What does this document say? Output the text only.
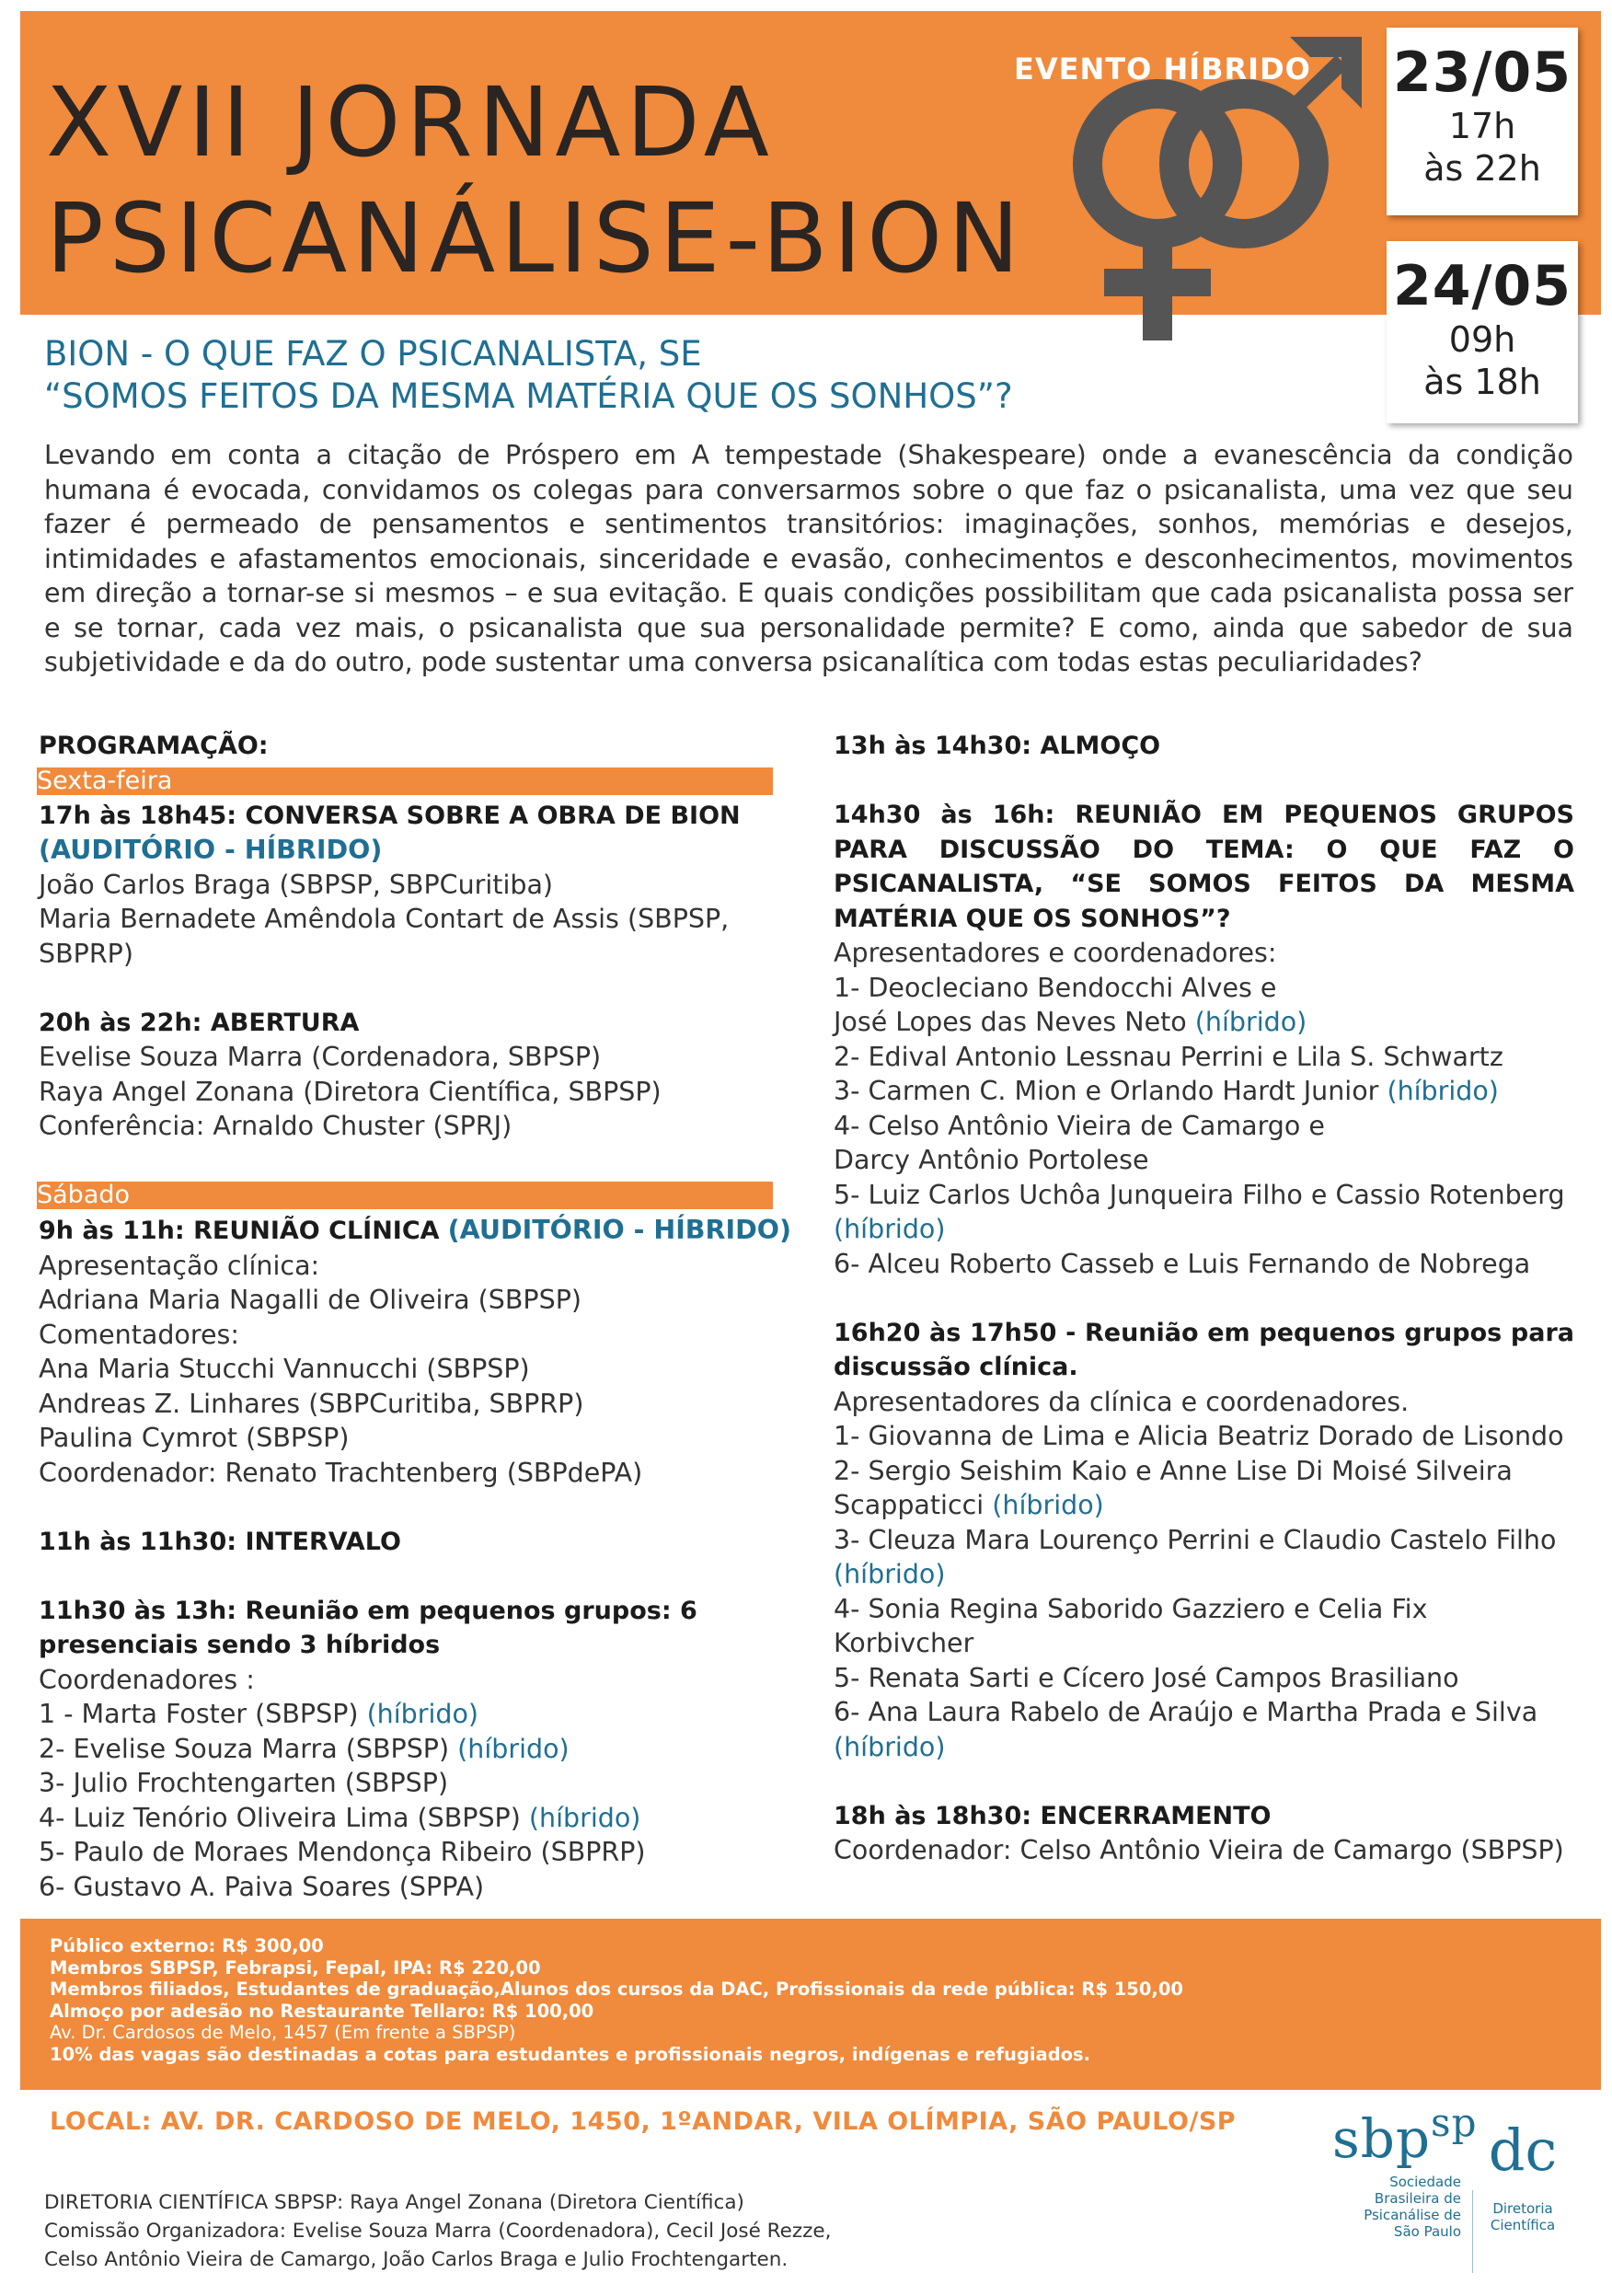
XVII JORNADA
PSICANÁLISE-BION
EVENTO HÍBRIDO 23/05
17h
às 22h
24/05
09h
às 18h
BION - O QUE FAZ O PSICANALISTA, SE
“SOMOS FEITOS DA MESMA MATÉRIA QUE OS SONHOS”?

Levando em conta a citação de Próspero em A tempestade (Shakespeare) onde a evanescência da condição humana é evocada, convidamos os colegas para conversarmos sobre o que faz o psicanalista, uma vez que seu fazer é permeado de pensamentos e sentimentos transitórios: imaginações, sonhos, memórias e desejos, intimidades e afastamentos emocionais, sinceridade e evasão, conhecimentos e desconhecimentos, movimentos em direção a tornar-se si mesmos – e sua evitação. E quais condições possibilitam que cada psicanalista possa ser e se tornar, cada vez mais, o psicanalista que sua personalidade permite? E como, ainda que sabedor de sua subjetividade e da do outro, pode sustentar uma conversa psicanalítica com todas estas peculiaridades?

PROGRAMAÇÃO:
Sexta-feira
17h às 18h45: CONVERSA SOBRE A OBRA DE BION
(AUDITÓRIO - HÍBRIDO)
João Carlos Braga (SBPSP, SBPCuritiba)
Maria Bernadete Amêndola Contart de Assis (SBPSP, SBPRP)
20h às 22h: ABERTURA
Evelise Souza Marra (Cordenadora, SBPSP)
Raya Angel Zonana (Diretora Científica, SBPSP)
Conferência: Arnaldo Chuster (SPRJ)
Sábado
9h às 11h: REUNIÃO CLÍNICA (AUDITÓRIO - HÍBRIDO)
Apresentação clínica:
Adriana Maria Nagalli de Oliveira (SBPSP)
Comentadores:
Ana Maria Stucchi Vannucchi (SBPSP)
Andreas Z. Linhares (SBPCuritiba, SBPRP)
Paulina Cymrot (SBPSP)
Coordenador: Renato Trachtenberg (SBPdePA)
11h às 11h30: INTERVALO
11h30 às 13h: Reunião em pequenos grupos: 6 presenciais sendo 3 híbridos
Coordenadores :
1 - Marta Foster (SBPSP) (híbrido)
2- Evelise Souza Marra (SBPSP) (híbrido)
3- Julio Frochtengarten (SBPSP)
4- Luiz Tenório Oliveira Lima (SBPSP) (híbrido)
5- Paulo de Moraes Mendonça Ribeiro (SBPRP)
6- Gustavo A. Paiva Soares (SPPA)
13h às 14h30: ALMOÇO
14h30 às 16h: REUNIÃO EM PEQUENOS GRUPOS PARA DISCUSSÃO DO TEMA: O QUE FAZ O PSICANALISTA, “SE SOMOS FEITOS DA MESMA MATÉRIA QUE OS SONHOS”?
Apresentadores e coordenadores:
1- Deocleciano Bendocchi Alves e
José Lopes das Neves Neto (híbrido)
2- Edival Antonio Lessnau Perrini e Lila S. Schwartz
3- Carmen C. Mion e Orlando Hardt Junior (híbrido)
4- Celso Antônio Vieira de Camargo e
Darcy Antônio Portolese
5- Luiz Carlos Uchôa Junqueira Filho e Cassio Rotenberg
(híbrido)
6- Alceu Roberto Casseb e Luis Fernando de Nobrega
16h20 às 17h50 - Reunião em pequenos grupos para discussão clínica.
Apresentadores da clínica e coordenadores.
1- Giovanna de Lima e Alicia Beatriz Dorado de Lisondo
2- Sergio Seishim Kaio e Anne Lise Di Moisé Silveira Scappaticci (híbrido)
3- Cleuza Mara Lourenço Perrini e Claudio Castelo Filho
(híbrido)
4- Sonia Regina Saborido Gazziero e Celia Fix Korbivcher
5- Renata Sarti e Cícero José Campos Brasiliano
6- Ana Laura Rabelo de Araújo e Martha Prada e Silva
(híbrido)
18h às 18h30: ENCERRAMENTO
Coordenador: Celso Antônio Vieira de Camargo (SBPSP)
Público externo: R$ 300,00
Membros SBPSP, Febrapsi, Fepal, IPA: R$ 220,00
Membros filiados, Estudantes de graduação,Alunos dos cursos da DAC, Profissionais da rede pública: R$ 150,00
Almoço por adesão no Restaurante Tellaro: R$ 100,00
Av. Dr. Cardosos de Melo, 1457 (Em frente a SBPSP)
10% das vagas são destinadas a cotas para estudantes e profissionais negros, indígenas e refugiados.
LOCAL: AV. DR. CARDOSO DE MELO, 1450, 1ºANDAR, VILA OLÍMPIA, SÃO PAULO/SP
DIRETORIA CIENTÍFICA SBPSP: Raya Angel Zonana (Diretora Científica)
Comissão Organizadora: Evelise Souza Marra (Coordenadora), Cecil José Rezze,
Celso Antônio Vieira de Camargo, João Carlos Braga e Julio Frochtengarten.
sbp$^{sp}$
Sociedade
Brasileira de
Psicanálise de
São Paulo
dc
Diretoria
Científica
